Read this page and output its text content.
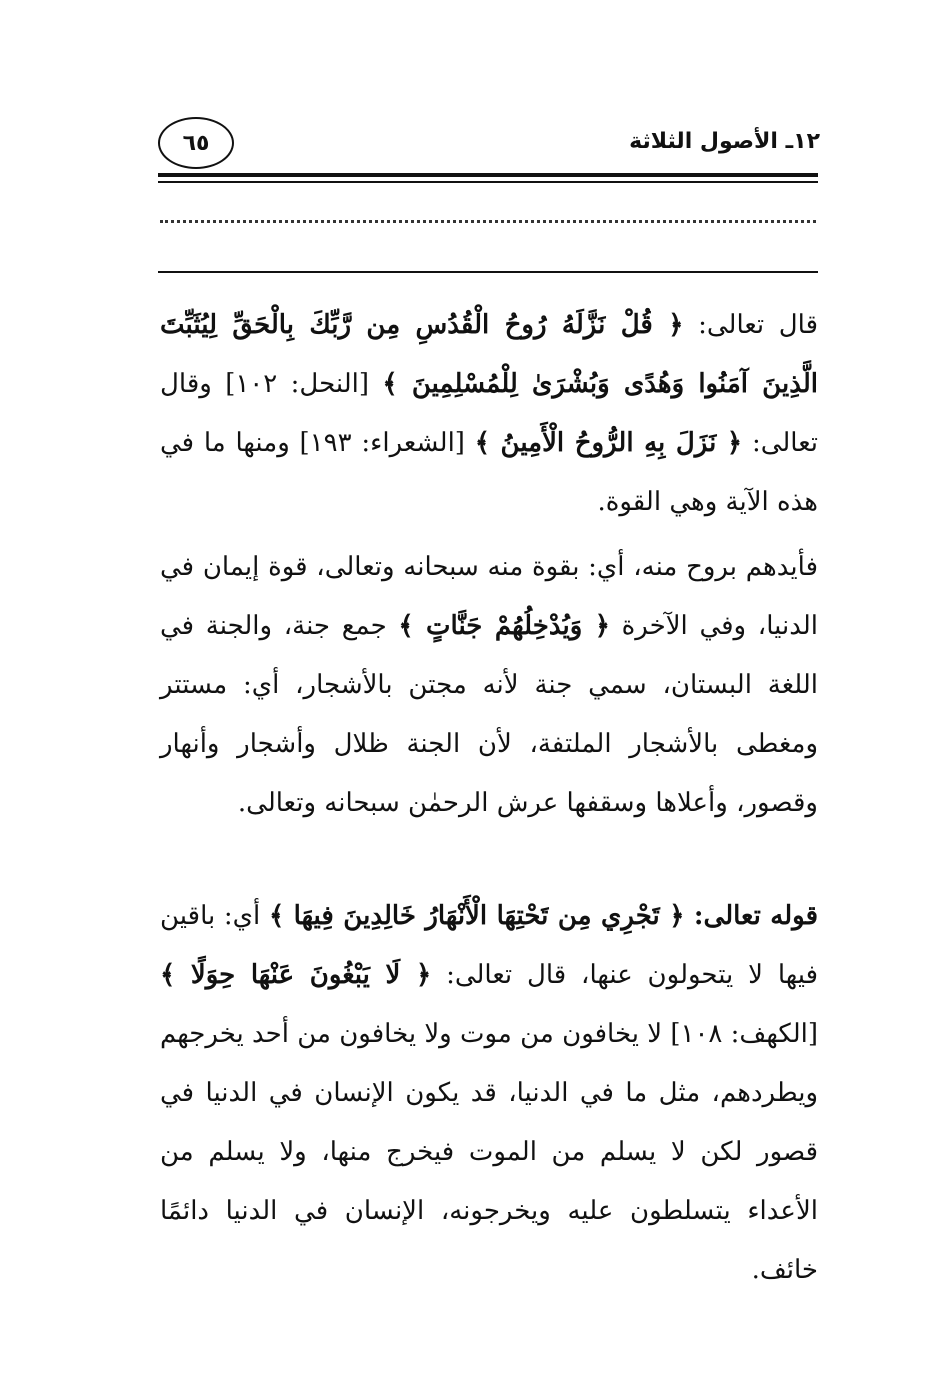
١٢ـ الأصول الثلاثة
٦٥

قال تعالى: ﴿ قُلْ نَزَّلَهُ رُوحُ الْقُدُسِ مِن رَّبِّكَ بِالْحَقِّ لِيُثَبِّتَ الَّذِينَ آمَنُوا وَهُدًى وَبُشْرَىٰ لِلْمُسْلِمِينَ ﴾ [النحل: ١٠٢] وقال تعالى: ﴿ نَزَلَ بِهِ الرُّوحُ الْأَمِينُ ﴾ [الشعراء: ١٩٣] ومنها ما في هذه الآية وهي القوة.

فأيدهم بروح منه، أي: بقوة منه سبحانه وتعالى، قوة إيمان في الدنيا، وفي الآخرة ﴿ وَيُدْخِلُهُمْ جَنَّاتٍ ﴾ جمع جنة، والجنة في اللغة البستان، سمي جنة لأنه مجتن بالأشجار، أي: مستتر ومغطى بالأشجار الملتفة، لأن الجنة ظلال وأشجار وأنهار وقصور، وأعلاها وسقفها عرش الرحمٰن سبحانه وتعالى.

قوله تعالى: ﴿ تَجْرِي مِن تَحْتِهَا الْأَنْهَارُ خَالِدِينَ فِيهَا ﴾ أي: باقين فيها لا يتحولون عنها، قال تعالى: ﴿ لَا يَبْغُونَ عَنْهَا حِوَلًا ﴾ [الكهف: ١٠٨] لا يخافون من موت ولا يخافون من أحد يخرجهم ويطردهم، مثل ما في الدنيا، قد يكون الإنسان في الدنيا في قصور لكن لا يسلم من الموت فيخرج منها، ولا يسلم من الأعداء يتسلطون عليه ويخرجونه، الإنسان في الدنيا دائمًا خائف.
